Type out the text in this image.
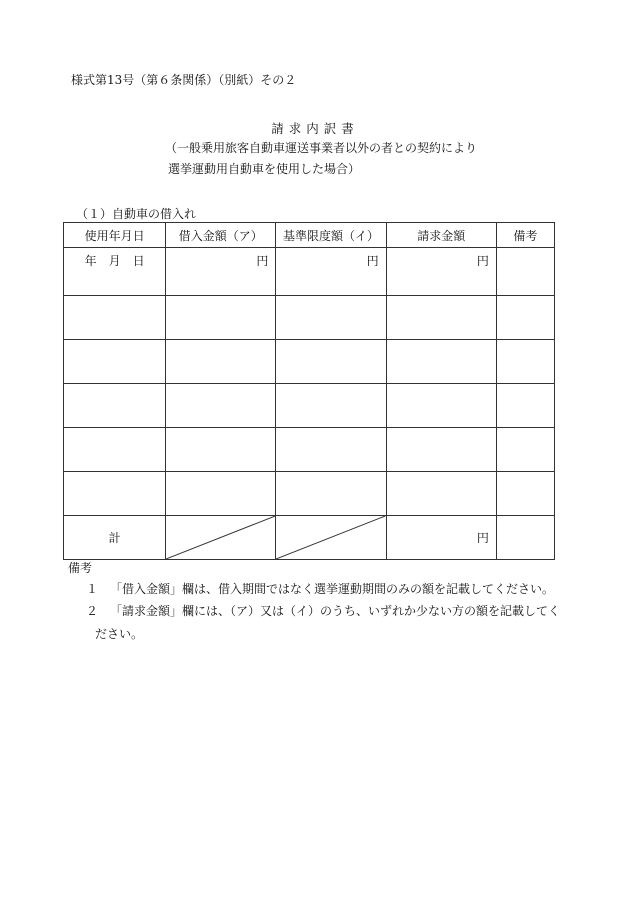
様式第13号（第６条関係）（別紙）その２
請求内訳書
（一般乗用旅客自動車運送事業者以外の者との契約により
選挙運動用自動車を使用した場合）
（１）自動車の借入れ
使用年月日	借入金額（ア）	基準限度額（イ）	請求金額	備考
年　月　日	円	円	円	

計			円	
備考
１ 「借入金額」欄は、借入期間ではなく選挙運動期間のみの額を記載してください。
２ 「請求金額」欄には、（ア）又は（イ）のうち、いずれか少ない方の額を記載してく
ださい。
